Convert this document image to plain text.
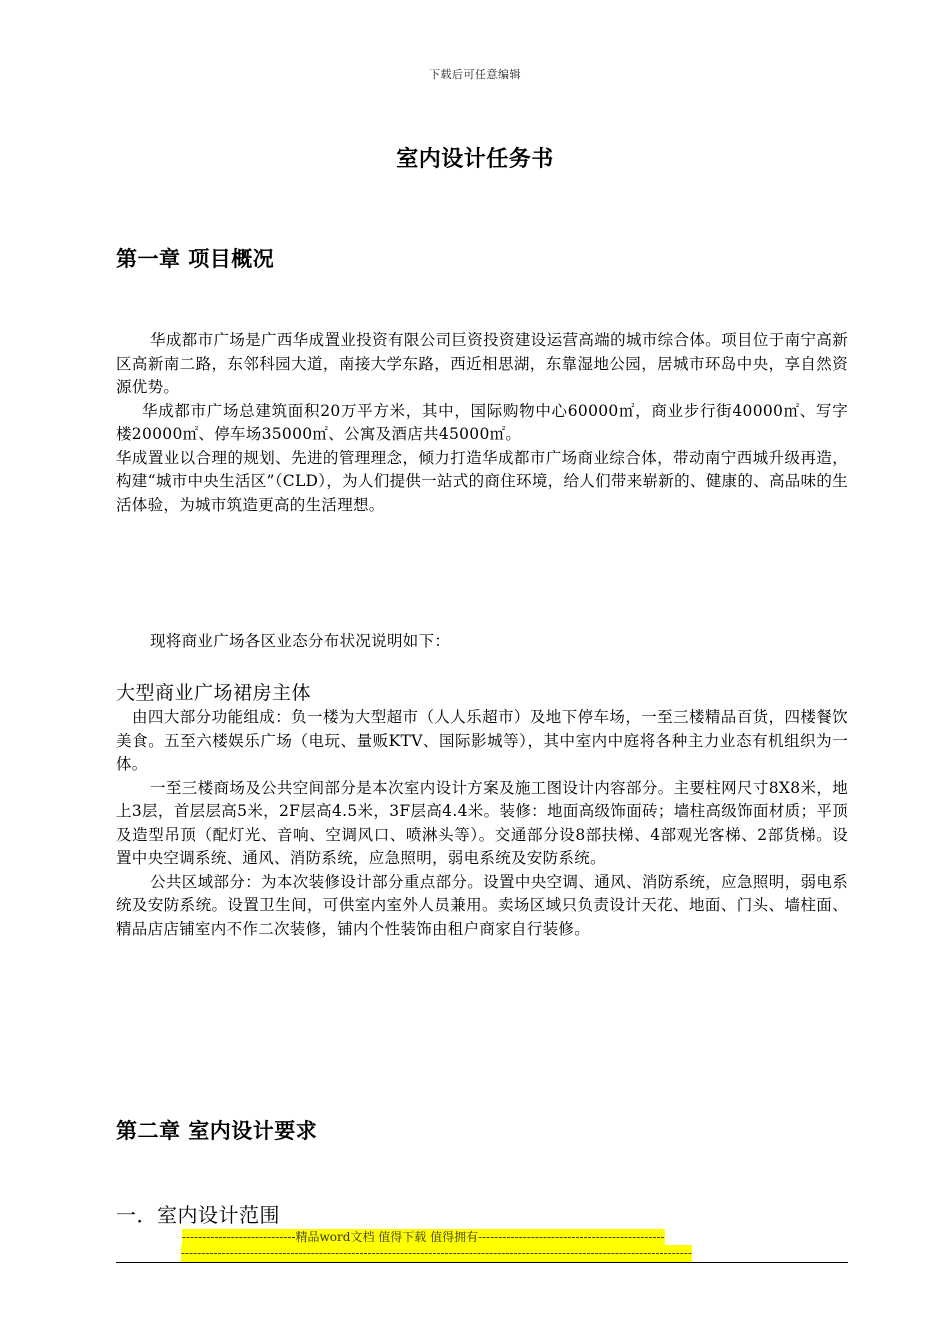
下载后可任意编辑
室内设计任务书
第一章 项目概况

华成都市广场是广西华成置业投资有限公司巨资投资建设运营高端的城市综合体。项目位于南宁高新区高新南二路，东邻科园大道，南接大学东路，西近相思湖，东靠湿地公园，居城市环岛中央，享自然资源优势。

华成都市广场总建筑面积20万平方米，其中，国际购物中心60000㎡，商业步行街40000㎡、写字楼20000㎡、停车场35000㎡、公寓及酒店共45000㎡。

华成置业以合理的规划、先进的管理理念，倾力打造华成都市广场商业综合体，带动南宁西城升级再造，构建“城市中央生活区”（CLD），为人们提供一站式的商住环境，给人们带来崭新的、健康的、高品味的生活体验，为城市筑造更高的生活理想。

现将商业广场各区业态分布状况说明如下：

大型商业广场裙房主体

由四大部分功能组成：负一楼为大型超市（人人乐超市）及地下停车场，一至三楼精品百货，四楼餐饮美食。五至六楼娱乐广场（电玩、量贩KTV、国际影城等），其中室内中庭将各种主力业态有机组织为一体。

一至三楼商场及公共空间部分是本次室内设计方案及施工图设计内容部分。主要柱网尺寸8X8米，地上3层，首层层高5米，2F层高4.5米，3F层高4.4米。装修：地面高级饰面砖；墙柱高级饰面材质；平顶及造型吊顶（配灯光、音响、空调风口、喷淋头等）。交通部分设8部扶梯、4部观光客梯、2部货梯。设置中央空调系统、通风、消防系统，应急照明，弱电系统及安防系统。

公共区域部分：为本次装修设计部分重点部分。设置中央空调、通风、消防系统，应急照明，弱电系统及安防系统。设置卫生间，可供室内室外人员兼用。卖场区域只负责设计天花、地面、门头、墙柱面、精品店店铺室内不作二次装修，铺内个性装饰由租户商家自行装修。

第二章 室内设计要求
一．室内设计范围
----------------------------精品word文档 值得下载 值得拥有----------------------------------------------
------------------------------------------------------------------------------------------------------------------------------
